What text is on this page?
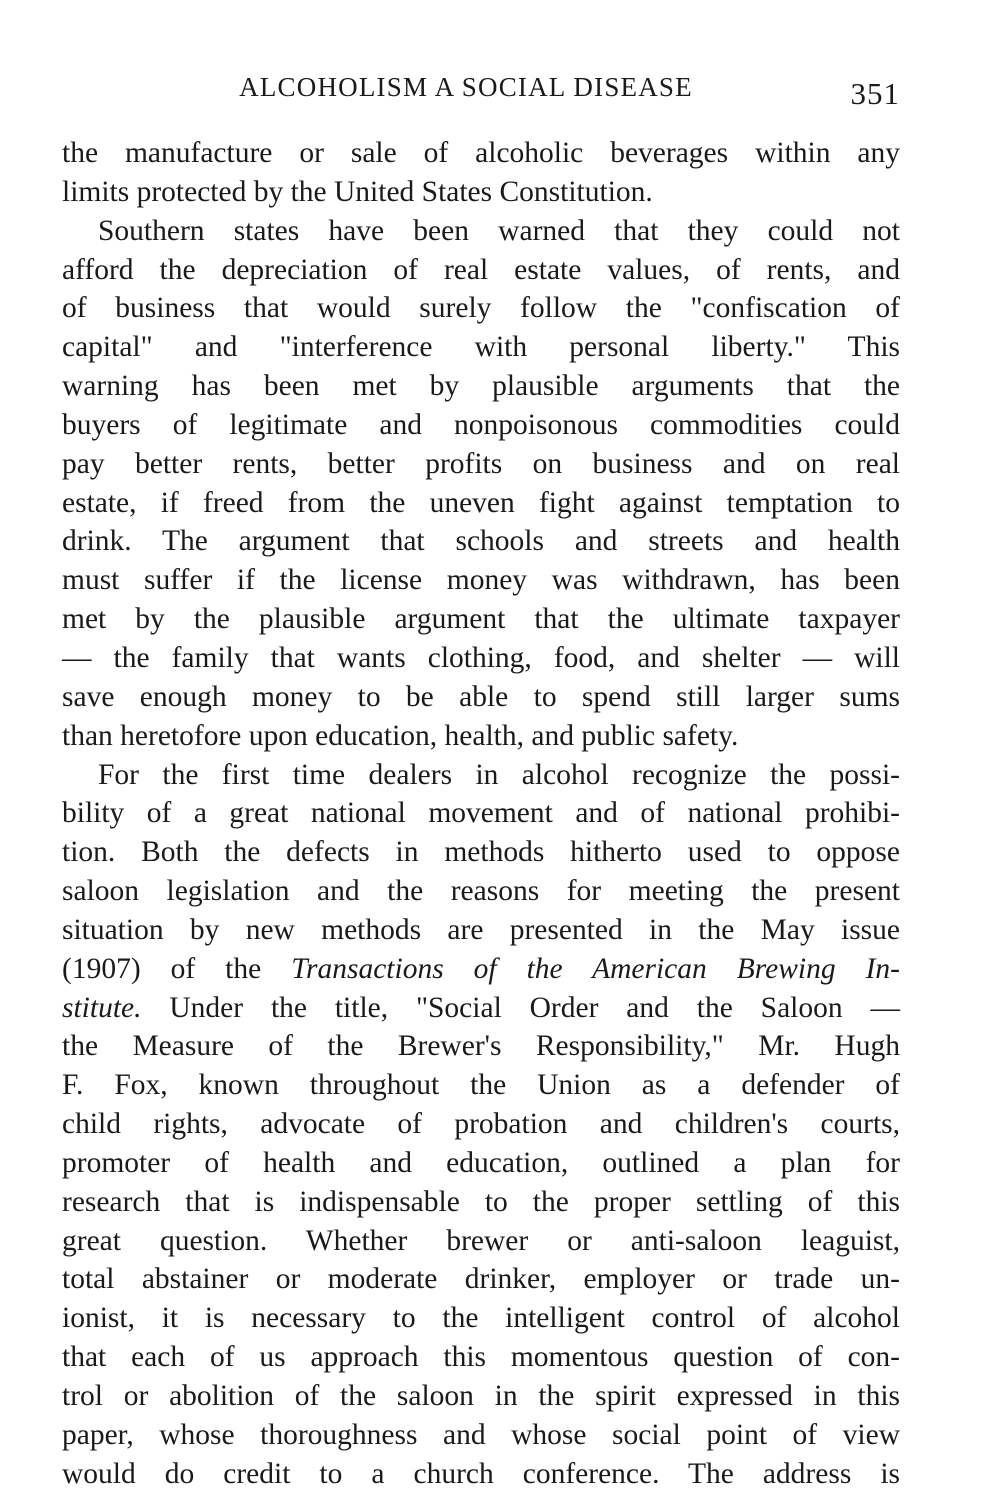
ALCOHOLISM A SOCIAL DISEASE	351
the manufacture or sale of alcoholic beverages within any
limits protected by the United States Constitution.
Southern states have been warned that they could not
afford the depreciation of real estate values, of rents, and
of business that would surely follow the "confiscation of
capital" and "interference with personal liberty." This
warning has been met by plausible arguments that the
buyers of legitimate and nonpoisonous commodities could
pay better rents, better profits on business and on real
estate, if freed from the uneven fight against temptation to
drink. The argument that schools and streets and health
must suffer if the license money was withdrawn, has been
met by the plausible argument that the ultimate taxpayer
— the family that wants clothing, food, and shelter — will
save enough money to be able to spend still larger sums
than heretofore upon education, health, and public safety.
For the first time dealers in alcohol recognize the possi-
bility of a great national movement and of national prohibi-
tion. Both the defects in methods hitherto used to oppose
saloon legislation and the reasons for meeting the present
situation by new methods are presented in the May issue
(1907) of the Transactions of the American Brewing In-
stitute. Under the title, "Social Order and the Saloon —
the Measure of the Brewer's Responsibility," Mr. Hugh
F. Fox, known throughout the Union as a defender of
child rights, advocate of probation and children's courts,
promoter of health and education, outlined a plan for
research that is indispensable to the proper settling of this
great question. Whether brewer or anti-saloon leaguist,
total abstainer or moderate drinker, employer or trade un-
ionist, it is necessary to the intelligent control of alcohol
that each of us approach this momentous question of con-
trol or abolition of the saloon in the spirit expressed in this
paper, whose thoroughness and whose social point of view
would do credit to a church conference. The address is
